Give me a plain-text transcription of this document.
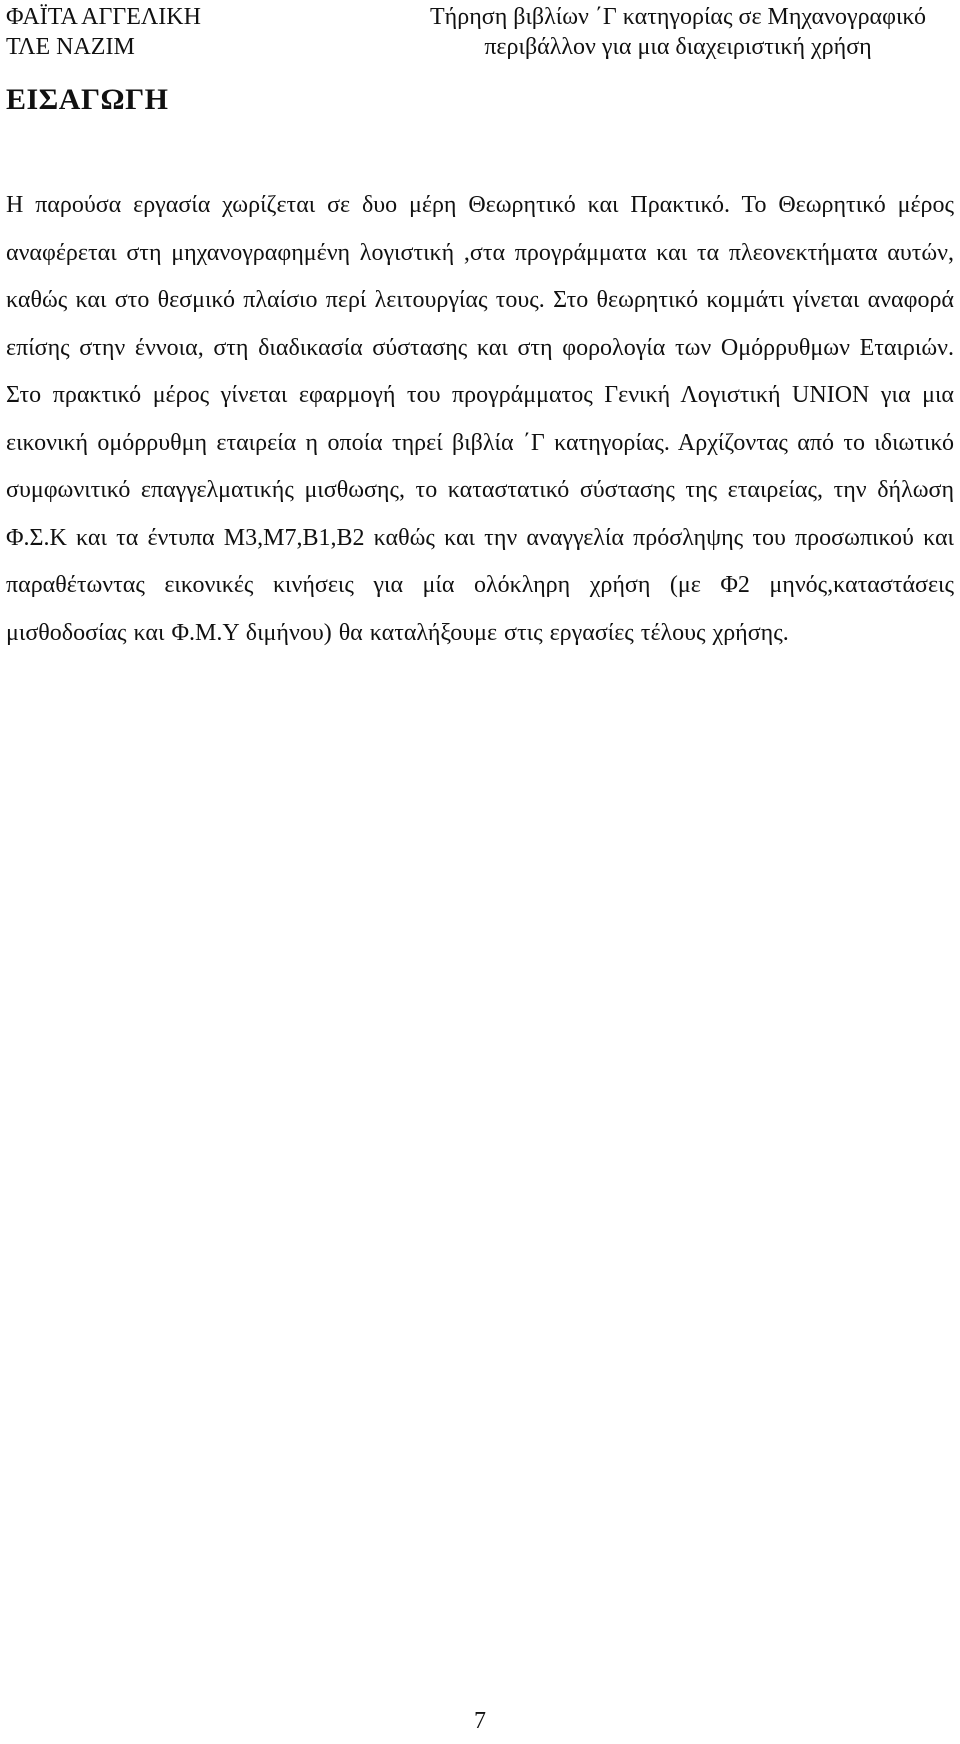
ΦΑΪΤΑ ΑΓΓΕΛΙΚΗ
ΤΛΕ ΝΑΖΙΜ
Τήρηση βιβλίων ΄Γ κατηγορίας σε Μηχανογραφικό
περιβάλλον για μια διαχειριστική χρήση
ΕΙΣΑΓΩΓΗ

Η παρούσα εργασία χωρίζεται σε δυο μέρη Θεωρητικό και Πρακτικό. Το Θεωρητικό μέρος αναφέρεται στη μηχανογραφημένη λογιστική ,στα προγράμματα και τα πλεονεκτήματα αυτών, καθώς και στο θεσμικό πλαίσιο περί λειτουργίας τους. Στο θεωρητικό κομμάτι γίνεται αναφορά επίσης στην έννοια, στη διαδικασία σύστασης και στη φορολογία των Ομόρρυθμων Εταιριών. Στο πρακτικό μέρος γίνεται εφαρμογή του προγράμματος Γενική Λογιστική UNION για μια εικονική ομόρρυθμη εταιρεία η οποία τηρεί βιβλία ΄Γ κατηγορίας. Αρχίζοντας από το ιδιωτικό συμφωνιτικό επαγγελματικής μισθωσης, το καταστατικό σύστασης της εταιρείας, την δήλωση Φ.Σ.Κ και τα έντυπα Μ3,Μ7,Β1,Β2 καθώς και την αναγγελία πρόσληψης του προσωπικού και παραθέτωντας εικονικές κινήσεις για μία ολόκληρη χρήση (με Φ2 μηνός,καταστάσεις μισθοδοσίας και Φ.Μ.Υ διμήνου) θα καταλήξουμε στις εργασίες τέλους χρήσης.

7
